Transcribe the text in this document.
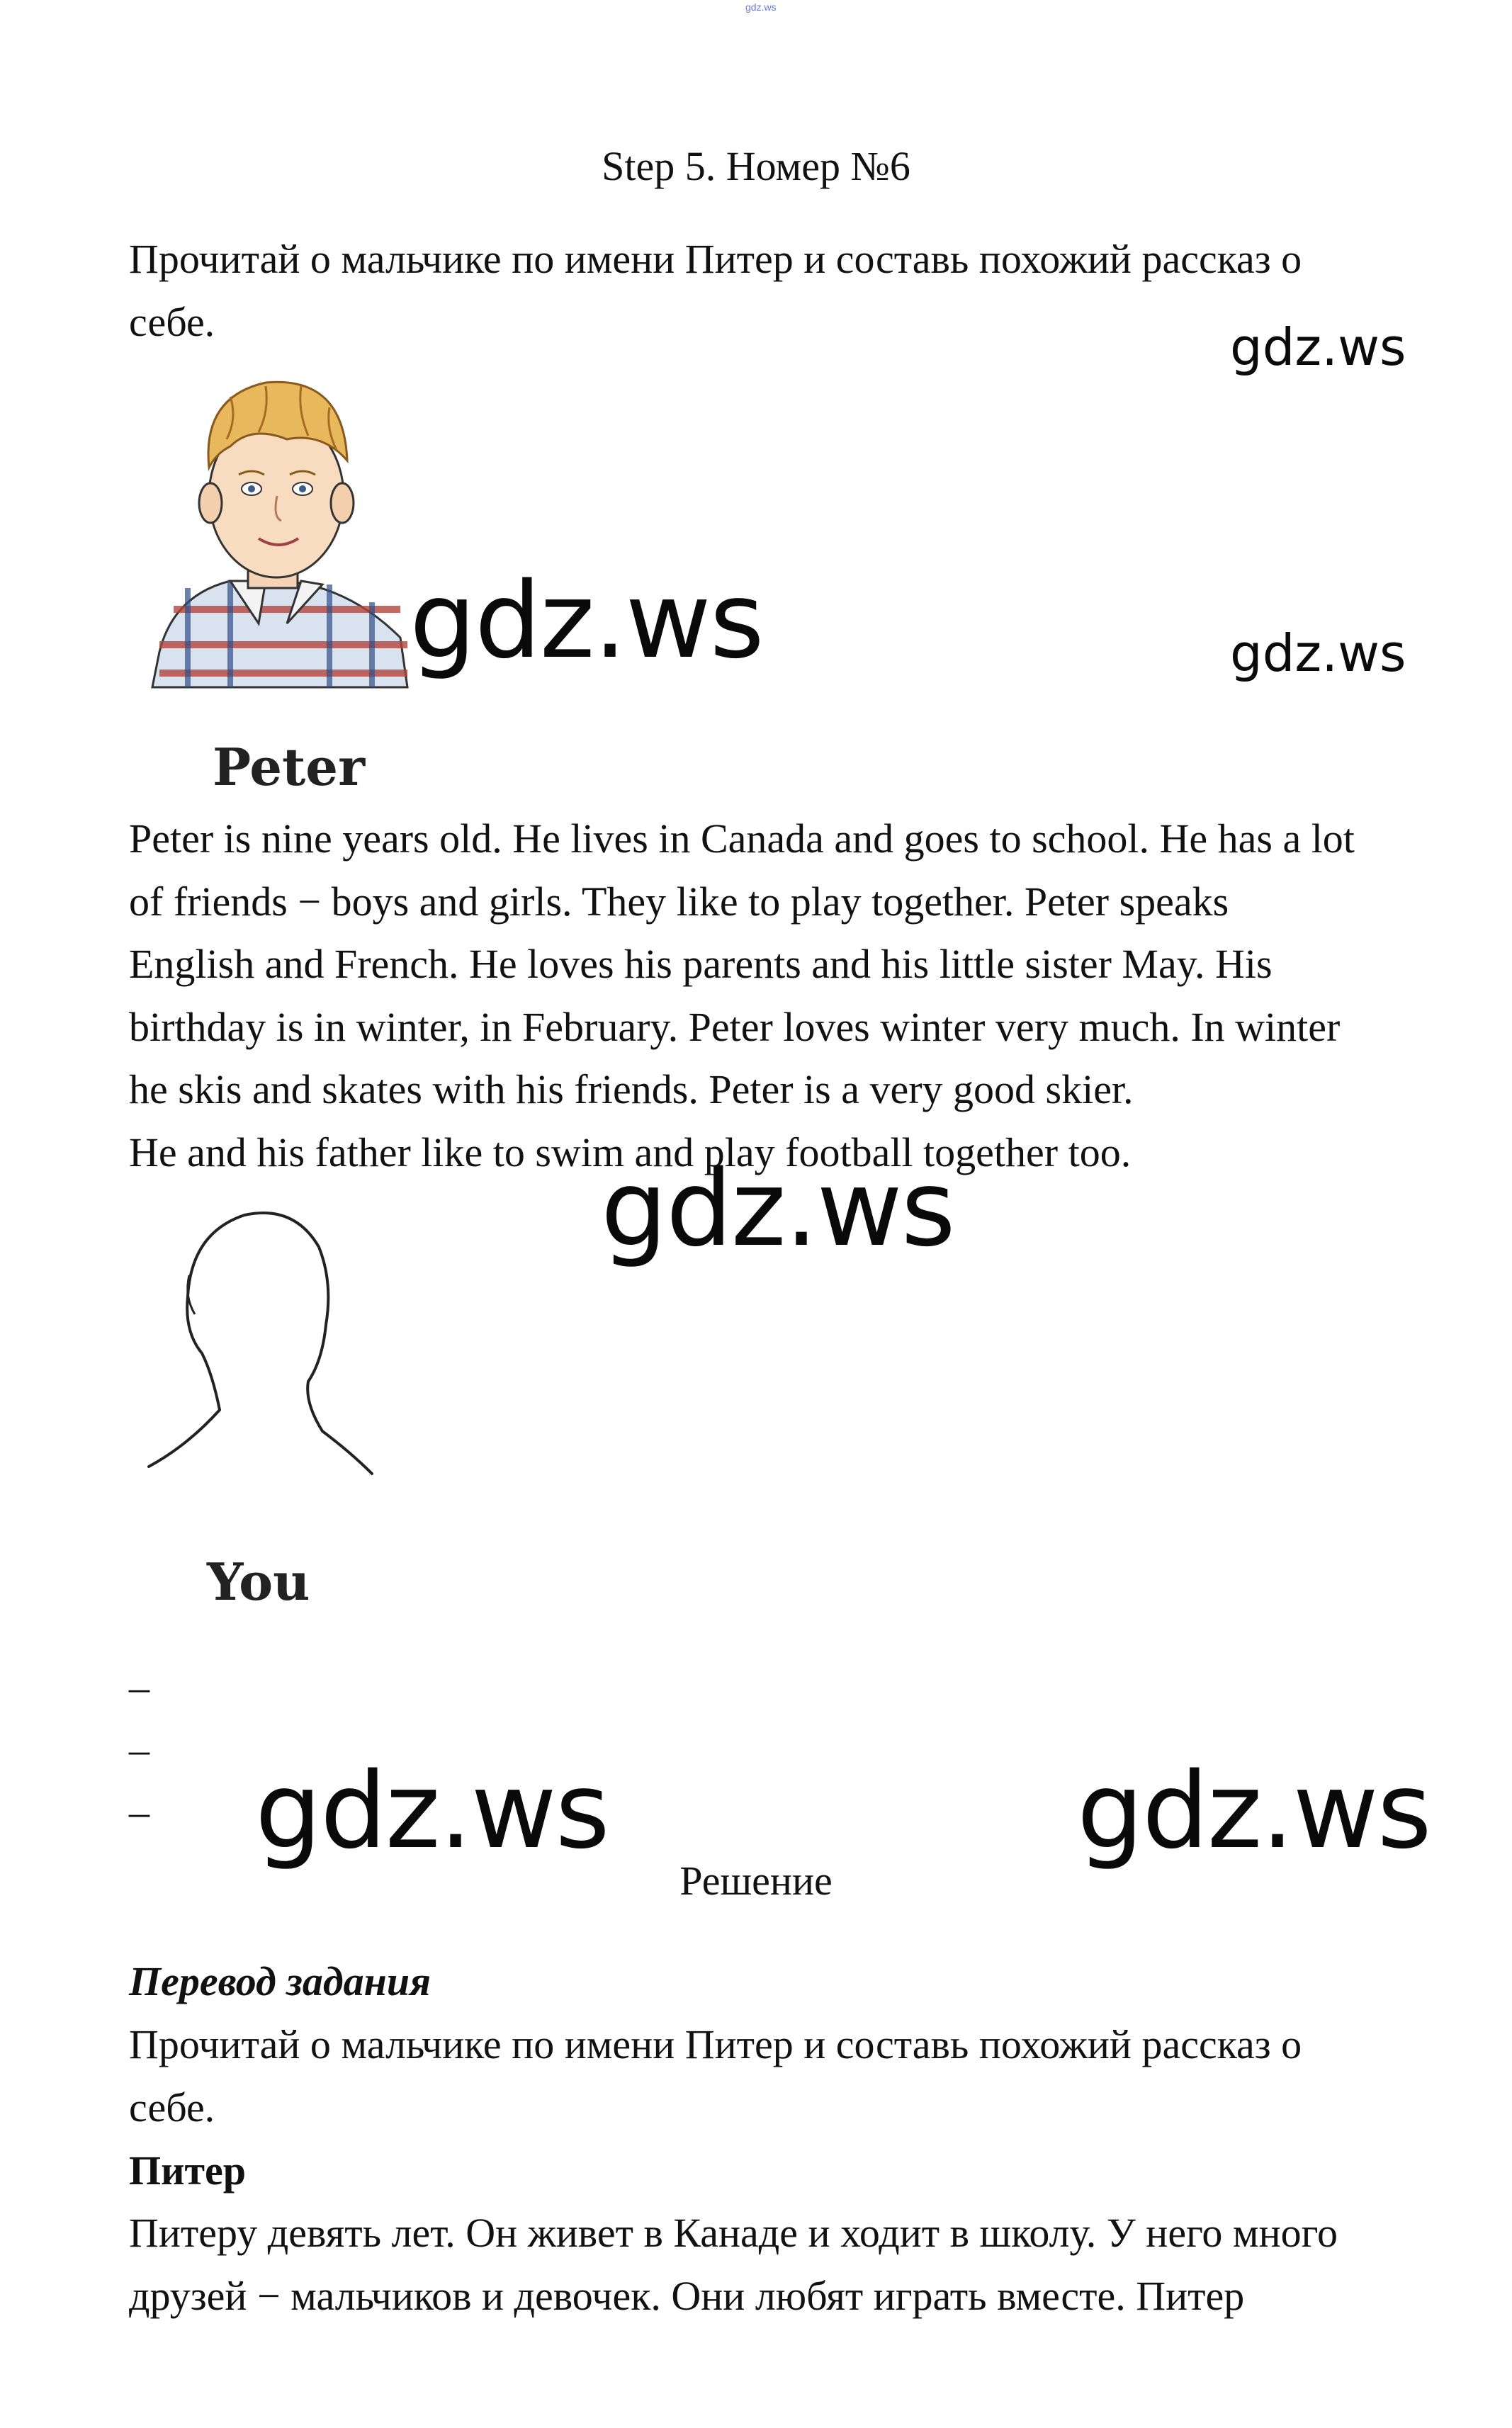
gdz.ws
Step 5. Номер №6
Прочитай о мальчике по имени Питер и составь похожий рассказ о
себе.	gdz.ws
gdz.ws	gdz.ws
Peter
Peter is nine years old. He lives in Canada and goes to school. He has a lot
of friends − boys and girls. They like to play together. Peter speaks
English and French. He loves his parents and his little sister May. His
birthday is in winter, in February. Peter loves winter very much. In winter
he skis and skates with his friends. Peter is a very good skier.
He and his father like to swim and play football together too.
gdz.ws
You
_
_
_ gdz.ws	gdz.ws
Решение
Перевод задания
Прочитай о мальчике по имени Питер и составь похожий рассказ о
себе.
Питер
Питеру девять лет. Он живет в Канаде и ходит в школу. У него много
друзей − мальчиков и девочек. Они любят играть вместе. Питер
